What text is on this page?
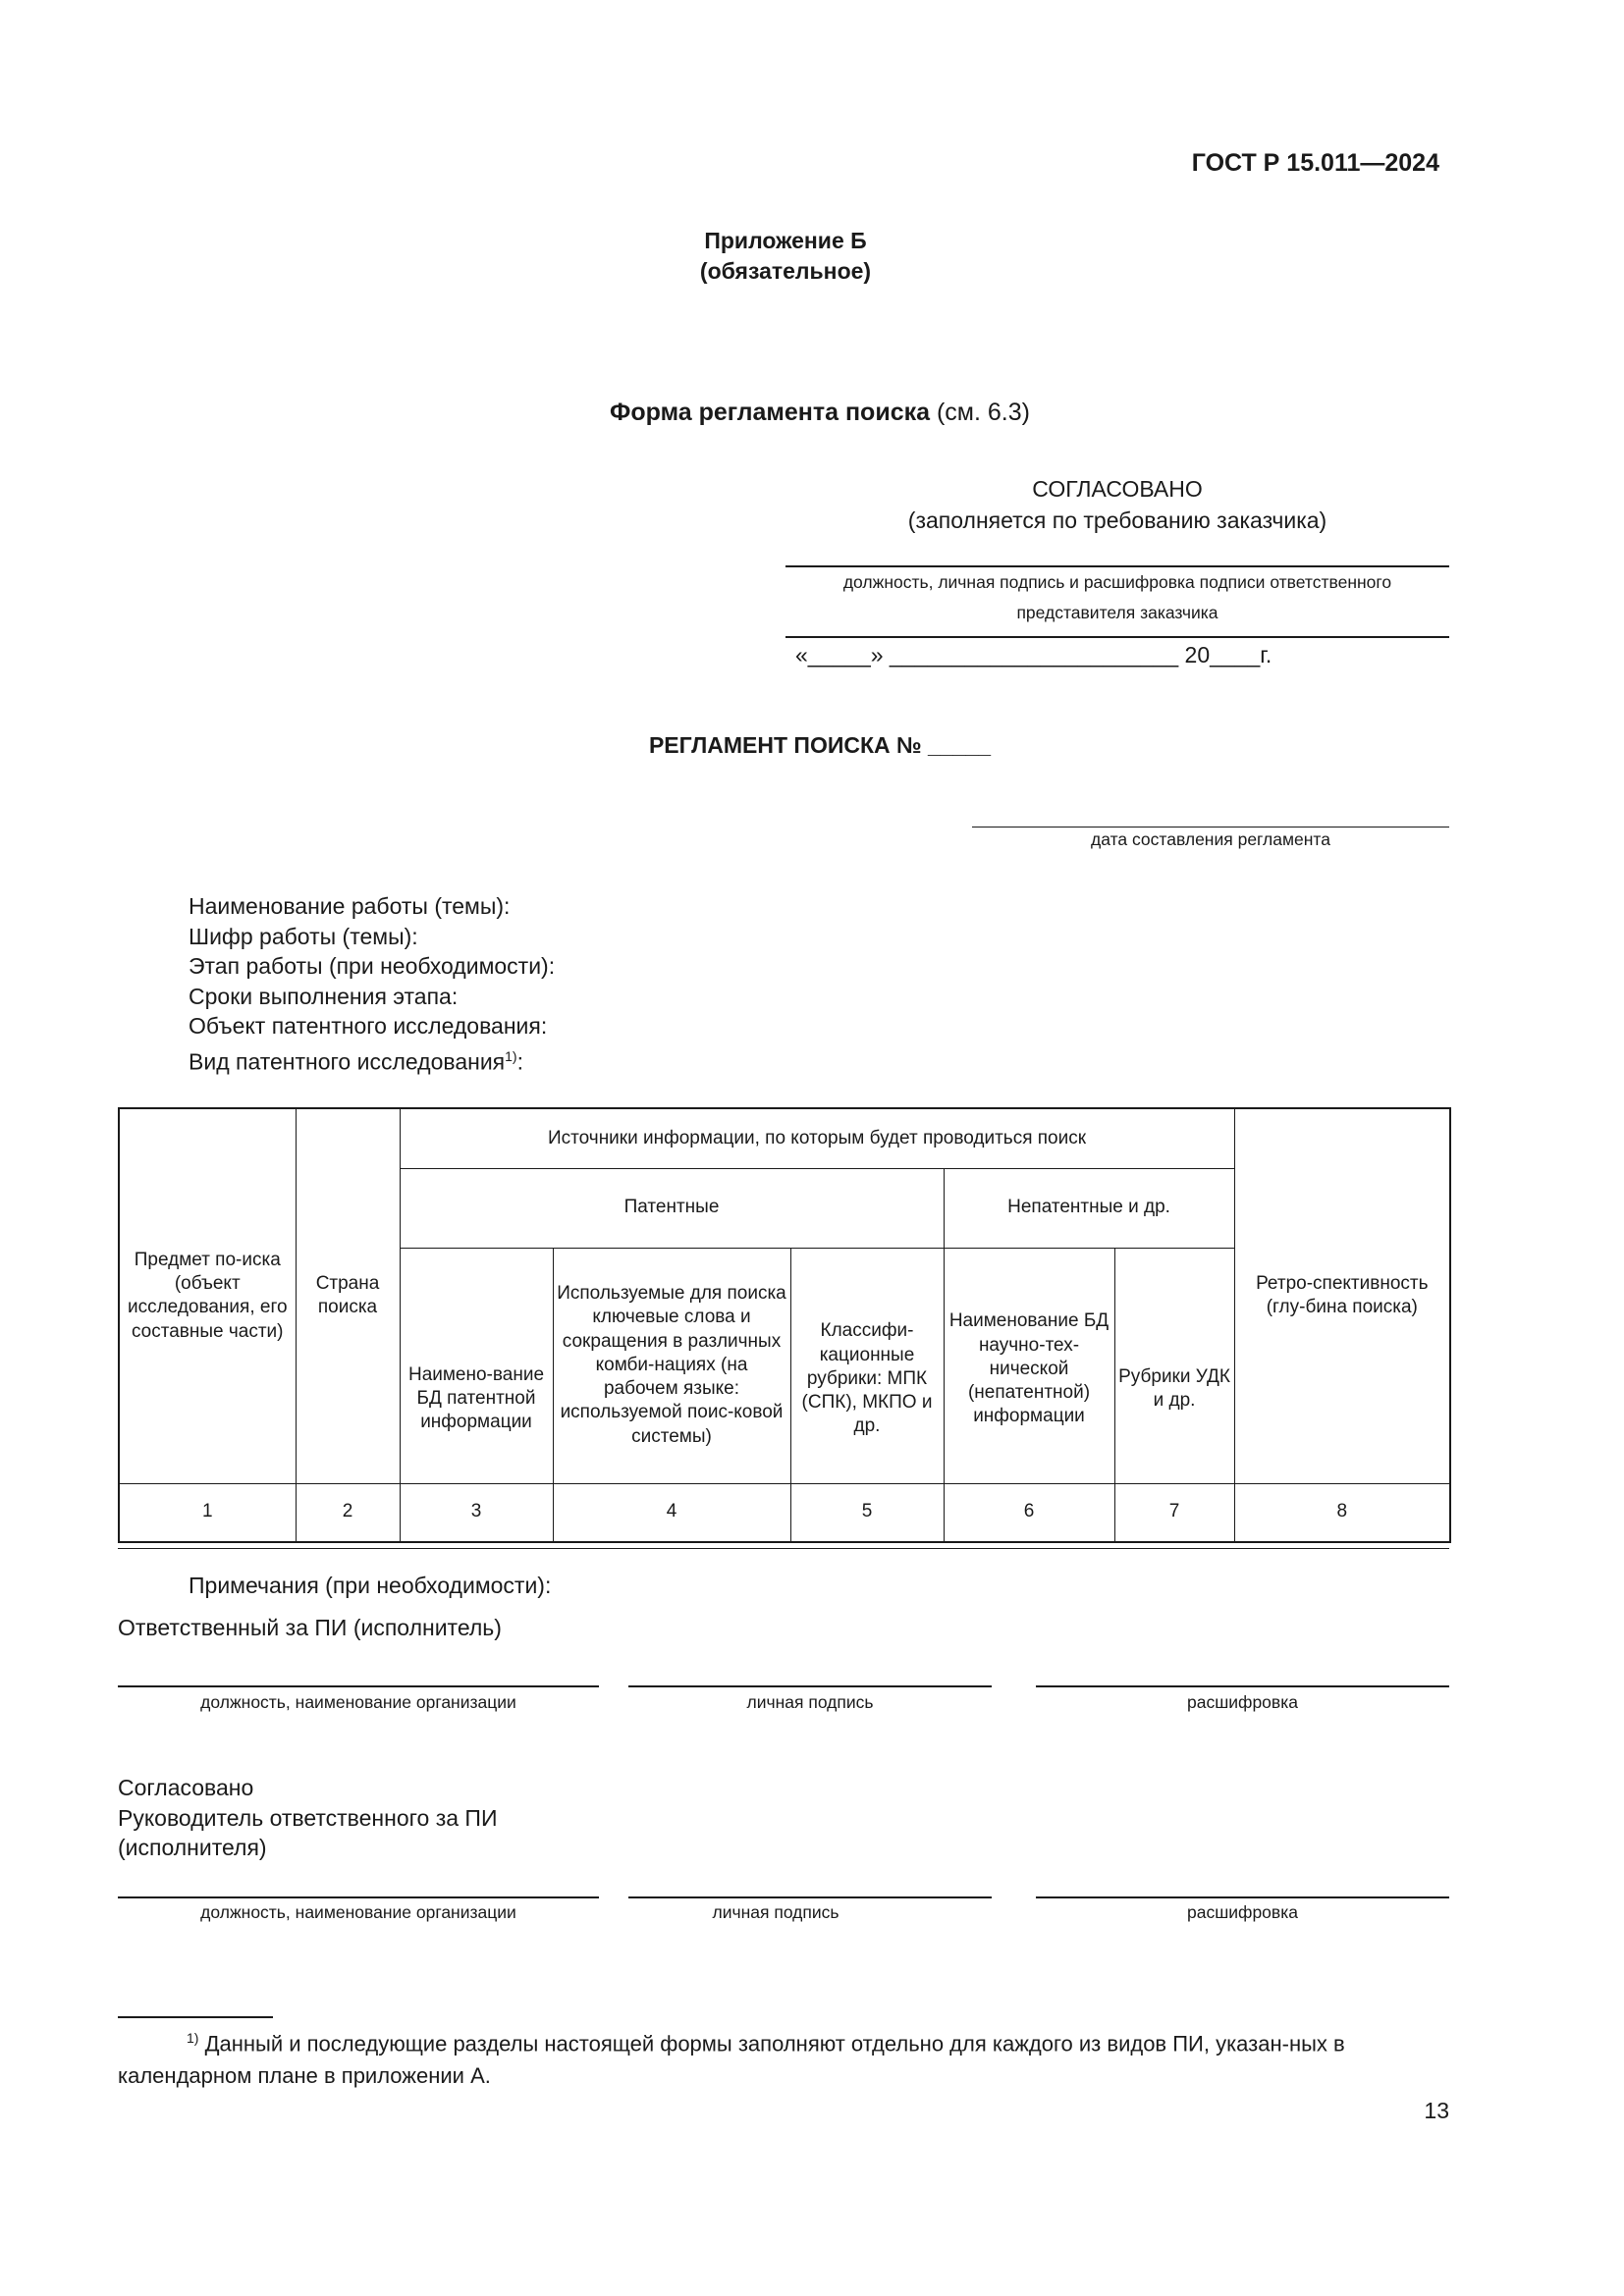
ГОСТ Р 15.011—2024
Приложение Б
(обязательное)
Форма регламента поиска (см. 6.3)
СОГЛАСОВАНО
(заполняется по требованию заказчика)
должность, личная подпись и расшифровка подписи ответственного
представителя заказчика
«_____» _______________________ 20____г.
РЕГЛАМЕНТ ПОИСКА № _____
дата составления регламента
Наименование работы (темы):
Шифр работы (темы):
Этап работы (при необходимости):
Сроки выполнения этапа:
Объект патентного исследования:
Вид патентного исследования$^{1)}$:
Предмет по-иска (объект исследования, его составные части)	Страна поиска	Источники информации, по которым будет проводиться поиск					Ретро-спективность (глу-бина поиска)
		Патентные			Непатентные и др.		
		Наимено-вание БД патентной информации	Используемые для поиска ключевые слова и сокращения в различных комби-нациях (на рабочем языке: используемой поис-ковой системы)	Классифи-кационные рубрики: МПК (СПК), МКПО и др.	Наименование БД научно-тех-нической (непатентной) информации	Рубрики УДК и др.	
1	2	3	4	5	6	7	8
Примечания (при необходимости):
Ответственный за ПИ (исполнитель)
должность, наименование организации	личная подпись	расшифровка
Согласовано
Руководитель ответственного за ПИ
(исполнителя)
должность, наименование организации	личная подпись	расшифровка
$^{1)}$ Данный и последующие разделы настоящей формы заполняют отдельно для каждого из видов ПИ, указан-ных в календарном плане в приложении А.
13
